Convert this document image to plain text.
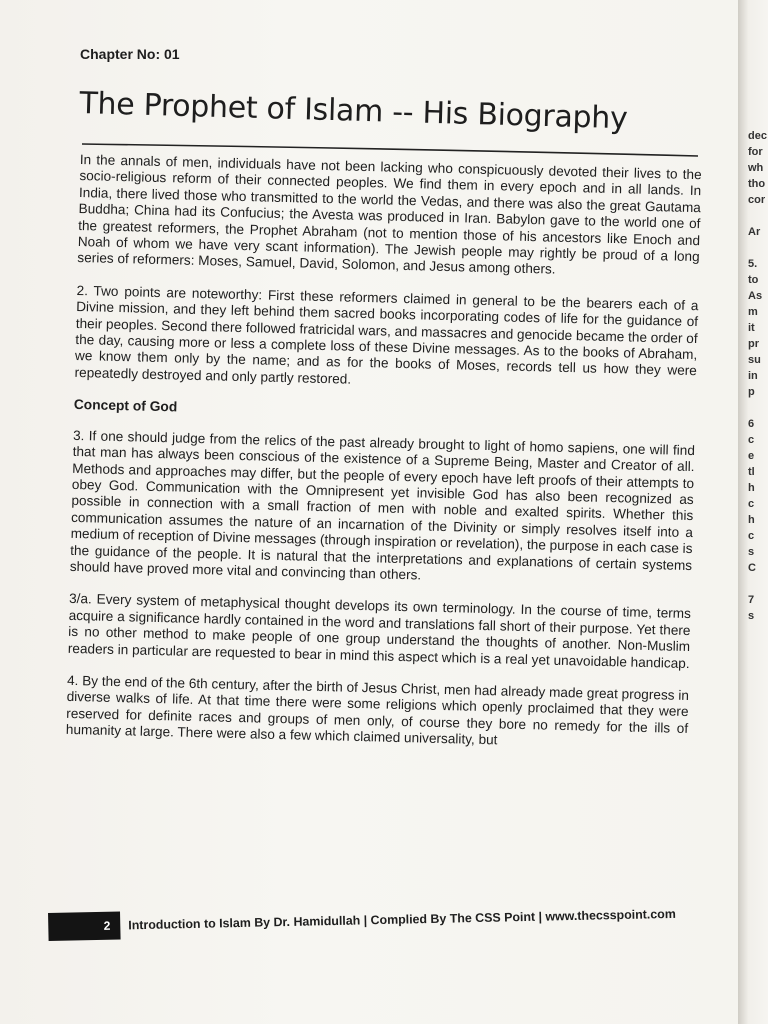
Chapter No: 01
The Prophet of Islam -- His Biography

In the annals of men, individuals have not been lacking who conspicuously devoted their lives to the socio-religious reform of their connected peoples. We find them in every epoch and in all lands. In India, there lived those who transmitted to the world the Vedas, and there was also the great Gautama Buddha; China had its Confucius; the Avesta was produced in Iran. Babylon gave to the world one of the greatest reformers, the Prophet Abraham (not to mention those of his ancestors like Enoch and Noah of whom we have very scant information). The Jewish people may rightly be proud of a long series of reformers: Moses, Samuel, David, Solomon, and Jesus among others.

2. Two points are noteworthy: First these reformers claimed in general to be the bearers each of a Divine mission, and they left behind them sacred books incorporating codes of life for the guidance of their peoples. Second there followed fratricidal wars, and massacres and genocide became the order of the day, causing more or less a complete loss of these Divine messages. As to the books of Abraham, we know them only by the name; and as for the books of Moses, records tell us how they were repeatedly destroyed and only partly restored.

Concept of God

3. If one should judge from the relics of the past already brought to light of homo sapiens, one will find that man has always been conscious of the existence of a Supreme Being, Master and Creator of all. Methods and approaches may differ, but the people of every epoch have left proofs of their attempts to obey God. Communication with the Omnipresent yet invisible God has also been recognized as possible in connection with a small fraction of men with noble and exalted spirits. Whether this communication assumes the nature of an incarnation of the Divinity or simply resolves itself into a medium of reception of Divine messages (through inspiration or revelation), the purpose in each case is the guidance of the people. It is natural that the interpretations and explanations of certain systems should have proved more vital and convincing than others.

3/a. Every system of metaphysical thought develops its own terminology. In the course of time, terms acquire a significance hardly contained in the word and translations fall short of their purpose. Yet there is no other method to make people of one group understand the thoughts of another. Non-Muslim readers in particular are requested to bear in mind this aspect which is a real yet unavoidable handicap.

4. By the end of the 6th century, after the birth of Jesus Christ, men had already made great progress in diverse walks of life. At that time there were some religions which openly proclaimed that they were reserved for definite races and groups of men only, of course they bore no remedy for the ills of humanity at large. There were also a few which claimed universality, but

2	Introduction to Islam By Dr. Hamidullah | Complied By The CSS Point | www.thecsspoint.com
dec
for
wh
tho
cor
Ar
5.
to
As
m
it
pr
su
in
p
6
c
e
tl
h
c
h
c
s
C
7
s
